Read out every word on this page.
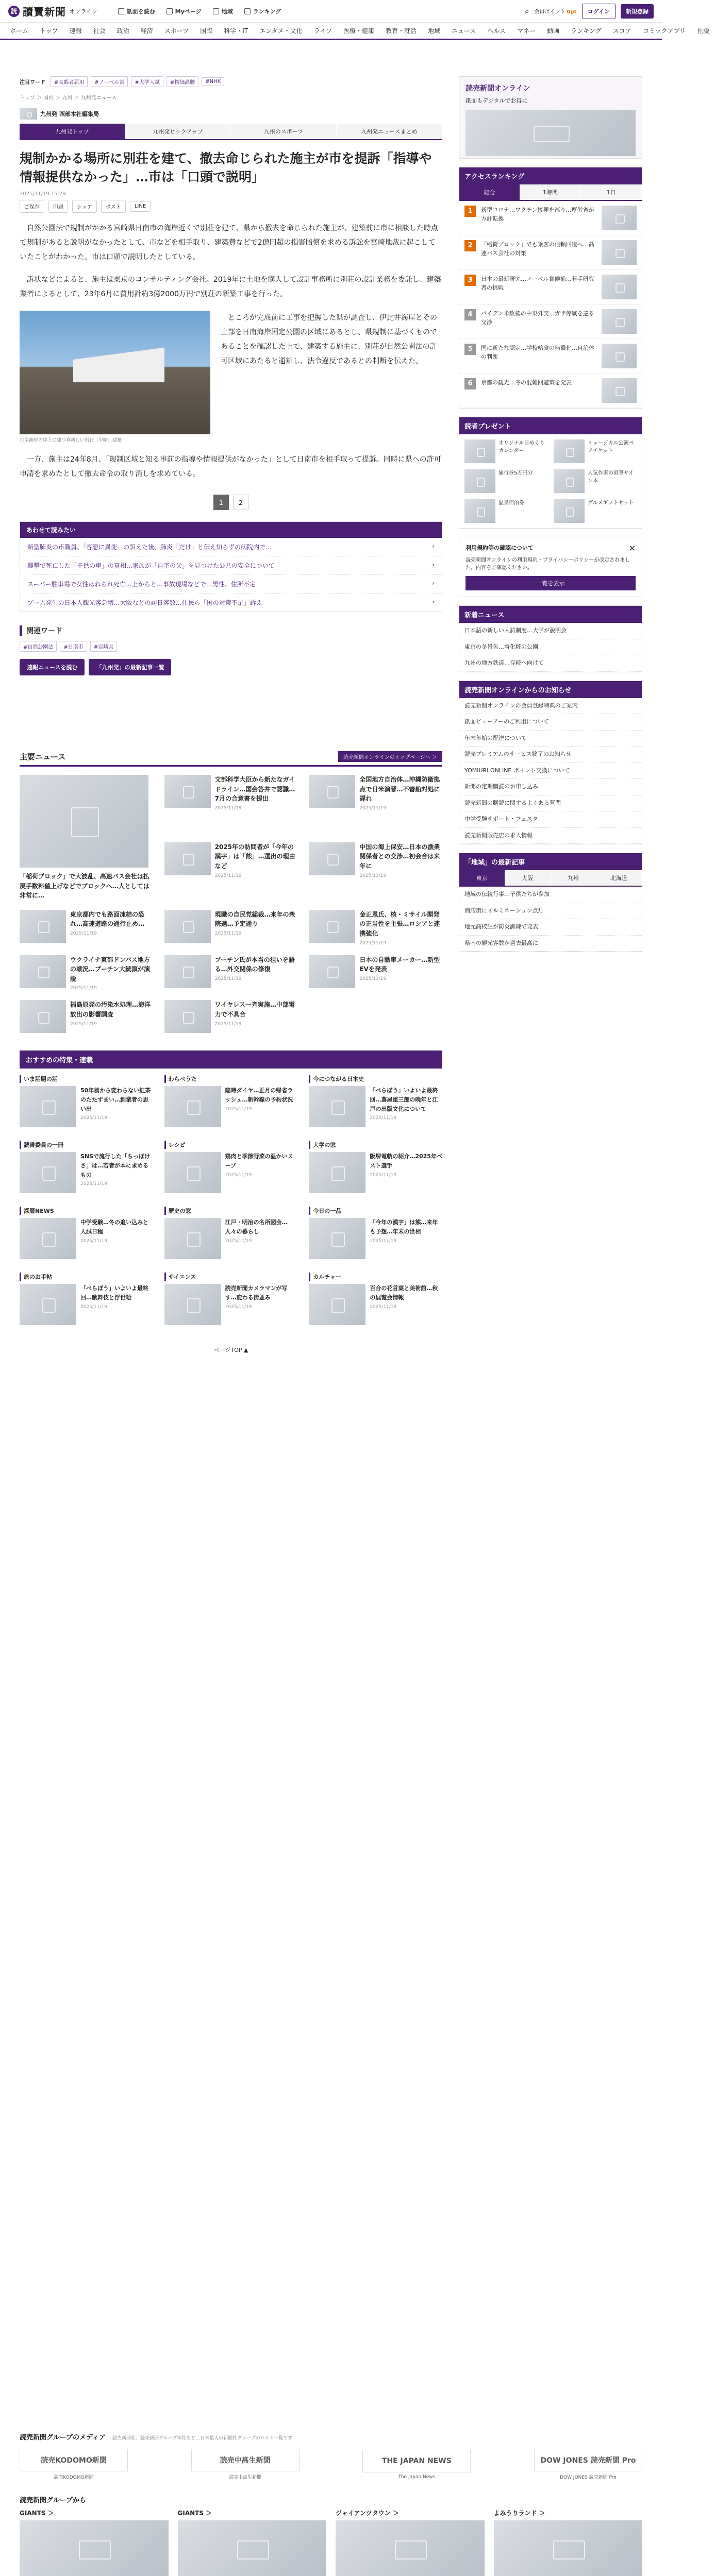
読 讀賣新聞 オンライン	紙面を読む	Myページ	地域	ランキング	⌕ 会員ポイント 0pt	ログイン	新規登録
ホーム	トップ	速報	社会	政治	経済	スポーツ	国際	科学・IT	エンタメ・文化	ライフ	医療・健康	教育・就活	地域	ニュース	ヘルス	マネー	動画	ランキング	スコア	コミックアプリ	社説
注目ワード	#高齢者雇用	#ノーベル賞	#大学入試	#物価高騰	#NHK
トップ ＞ 国内 ＞ 九州 ＞ 九州発ニュース
九州発 西部本社編集局
九州発トップ	九州発ピックアップ	九州のスポーツ	九州発ニュースまとめ
規制かかる場所に別荘を建て、撤去命じられた施主が市を提訴「指導や情報提供なかった」…市は「口頭で説明」
2025/11/19 15:29
ご保存	印刷	シェア	ポスト	LINE

自然公園法で規制がかかる宮崎県日南市の海岸近くで別荘を建て、県から撤去を命じられた施主が、建築前に市に相談した時点で規制があると説明がなかったとして、市などを相手取り、建築費などで2億円超の損害賠償を求める訴訟を宮崎地裁に起こしていたことがわかった。市は口頭で説明したとしている。

訴状などによると、施主は東京のコンサルティング会社。2019年に土地を購入して設計事務所に別荘の設計業務を委託し、建築業者によるとして、23年6月に費用計約3億2000万円で別荘の新築工事を行った。

日南海岸の崖上に建つ真新しい別荘（中略）建築

ところが完成前に工事を把握した県が調査し、伊比井海岸とその上部を日南海岸国定公園の区域にあるとし、県規制に基づくものであることを確認した上で、建築する施主に、別荘が自然公園法の許可区域にあたると通知し、法令違反であるとの判断を伝えた。

一方、施主は24年8月、「規制区域と知る事前の指導や情報提供がなかった」として日南市を相手取って提訴。同時に県への許可申請を求めたとして撤去命令の取り消しを求めている。

1	2
あわせて読みたい
新型肺炎の市職員、「容態に異変」の訴えた後、肺炎「だけ」と伝え知らずの病院内で…	›
襲撃で死亡した「子供の車」の真相…家族が「自宅の父」を見つけた公共の安全について	›
スーパー駐車場で女性はねられ死亡…上からと…事故現場などで…男性、住所不定	›
ブーム発生の日本人観光客急増…大阪などの訪日客数…住民ら「国の対策不足」訴え	›
関連ワード
#自然公園法	#日南市	#宮崎県
速報ニュースを読む	「九州発」の最新記事一覧
主要ニュース	読売新聞オンラインのトップページへ ＞
「稲荷ブロック」で大波乱、高速バス会社は払戻手数料値上げなどでブロックへ…人としては非常に…
文部科学大臣から新たなガイドライン…国会答弁で認識…7月の合意書を提出
2025/11/19
全国地方自治体…沖縄防衛拠点で日米演習…不審船対処に遅れ
2025/11/19
2025年の訪問者が「今年の漢字」は「熊」…選出の理由など
2025/11/19
中国の海上保安…日本の漁業関係者との交渉…初会合は来年に
2025/11/19
東京都内でも路面凍結の恐れ…高速道路の通行止め…
2025/11/19
現職の自民党総裁…来年の衆院選…予定通り
2025/11/19
金正恩氏、核・ミサイル開発の正当性を主張…ロシアと連携強化
2025/11/19
ウクライナ東部ドンバス地方の戦況…プーチン大統領が演説
2025/11/19
プーチン氏が本当の狙いを語る…外交関係の修復
2025/11/19
日本の自動車メーカー…新型EVを発表
2025/11/19
福島原発の汚染水処理…海洋放出の影響調査
2025/11/19
ワイヤレス一斉実施…中部電力で不具合
2025/11/19
おすすめの特集・連載
いま話題の話
50年前から変わらない紅茶のたたずまい…創業者の思い出
2025/11/19
わらべうた
臨時ダイヤ…正月の帰省ラッシュ…新幹線の予約状況
2025/11/19
今につながる日本史
「べらぼう」いよいよ最終回…蔦屋重三郎の晩年と江戸の出版文化について
2025/11/19
読書委員の一冊
SNSで流行した「ちっぽけさ」は…若者が本に求めるもの
2025/11/19
レシピ
鶏肉と季節野菜の温かいスープ
2025/11/19
大学の窓
阪堺電軌の紹介…2025年ベスト選手
2025/11/19
深層NEWS
中学受験…冬の追い込みと入試日程
2025/11/19
歴史の窓
江戸・明治の名所図会…人々の暮らし
2025/11/19
今日の一品
「今年の漢字」は熊…来年も予想…年末の世相
2025/11/19
旅のお手帖
「べらぼう」いよいよ最終回…歌舞伎と浮世絵
2025/11/19
サイエンス
読売新聞カメラマンが写す…変わる街並み
2025/11/19
カルチャー
百合の花言葉と美術館…秋の展覧会情報
2025/11/19
ページTOP ▲
読売新聞オンライン
紙面もデジタルでお得に
アクセスランキング
総合	1時間	1日
1	新型コロナ…ワクチン接種を巡り…厚労省が方針転換
2	「稲荷ブロック」でも乗客の信頼回復へ…高速バス会社の対策
3	日本の最新研究…ノーベル賞候補…若手研究者の挑戦
4	バイデン米政権の中東外交…ガザ停戦を巡る交渉
5	国に新たな認定…学校給食の無償化…自治体の判断
6	京都の観光…冬の混雑回避策を発表
読者プレゼント
オリジナル日めくりカレンダー
ミュージカル公演ペアチケット
旅行券5万円分	人気作家の直筆サイン本
温泉宿泊券	グルメギフトセット
利用規約等の確認について	✕
読売新聞オンラインの利用規約・プライバシーポリシーが改定されました。内容をご確認ください。
一覧を表示
新着ニュース
日本語の新しい入試制度…大学が説明会
東京の冬景色…雪化粧の公園
九州の地方鉄道…存続へ向けて
読売新聞オンラインからのお知らせ
読売新聞オンラインの会員登録特典のご案内
紙面ビューアーのご利用について
年末年始の配達について
読売プレミアムのサービス終了のお知らせ
YOMIURI ONLINE ポイント交換について
新聞の定期購読のお申し込み
読売新聞の購読に関するよくある質問
中学受験サポート・フェスタ
読売新聞販売店の求人情報
「地域」の最新記事
東京	大阪	九州	北海道
地域の伝統行事…子供たちが参加
商店街にイルミネーション点灯
地元高校生が防災訓練で発表
県内の観光客数が過去最高に
読売新聞グループのメディア 読売新聞社、読売新聞グループ本社など…日本最大の新聞社グループのサイト一覧です
読売KODOMO新聞
読売KODOMO新聞
読売中高生新聞
読売中高生新聞
THE JAPAN NEWS
The Japan News
DOW JONES 読売新聞 Pro
DOW JONES 読売新聞 Pro
読売新聞グループから
GIANTS ＞	GIANTS ＞	ジャイアンツタウン ＞	よみうりランド ＞
